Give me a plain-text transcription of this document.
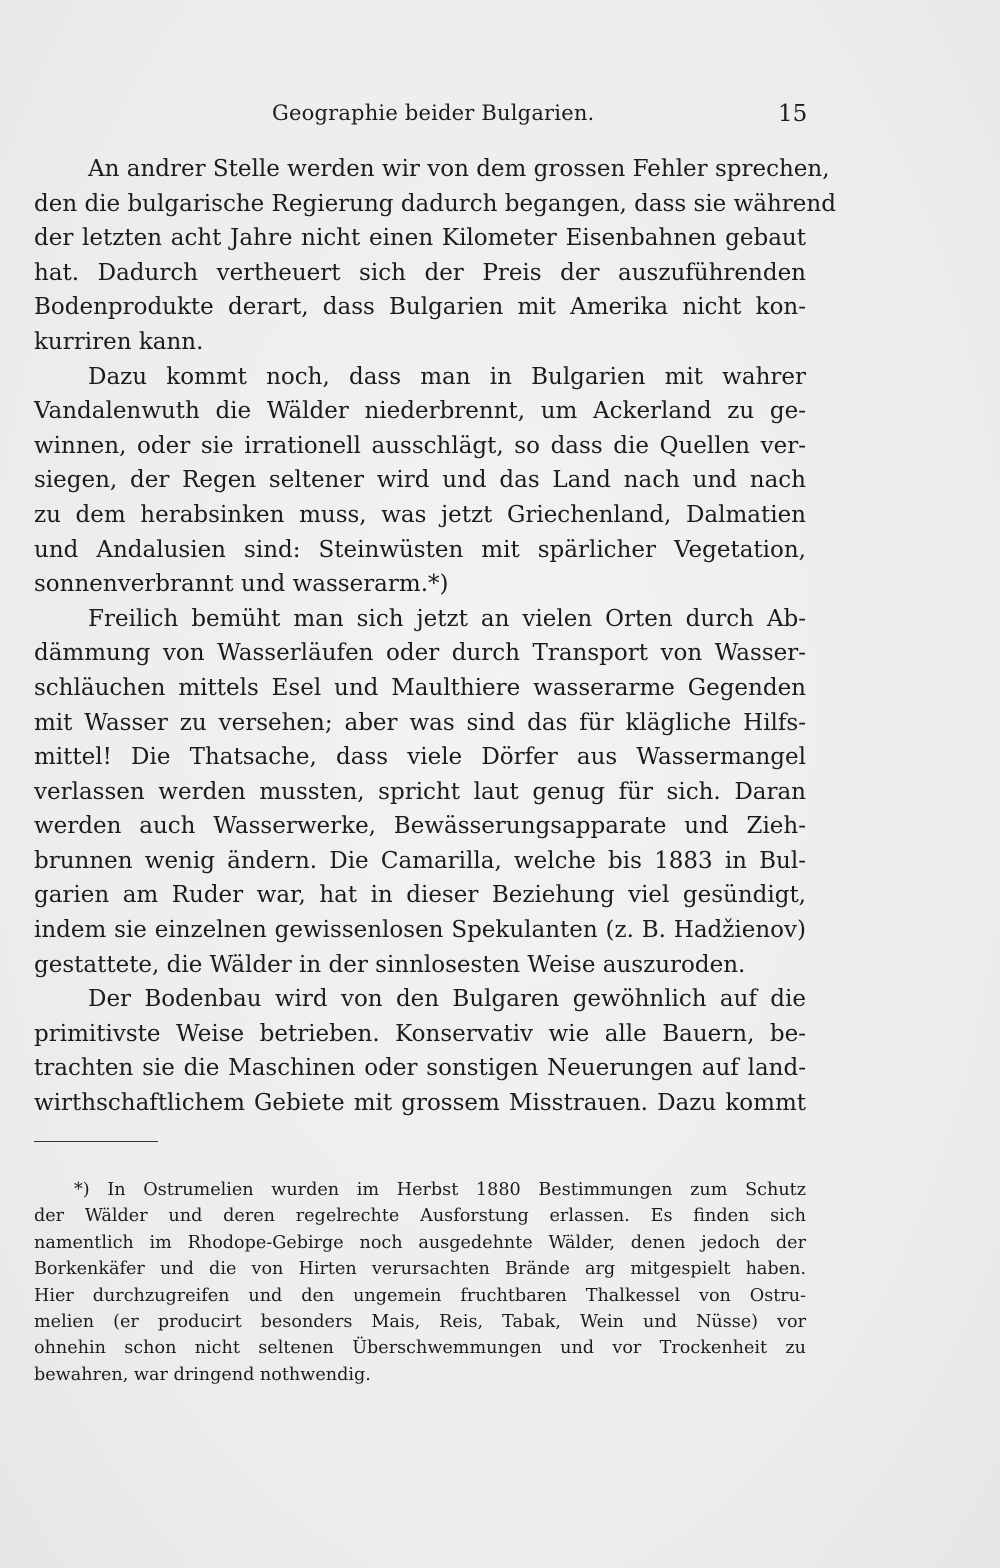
Geographie beider Bulgarien.	15
An andrer Stelle werden wir von dem grossen Fehler sprechen,
den die bulgarische Regierung dadurch begangen, dass sie während
der letzten acht Jahre nicht einen Kilometer Eisenbahnen gebaut
hat. Dadurch vertheuert sich der Preis der auszuführenden
Bodenprodukte derart, dass Bulgarien mit Amerika nicht kon-
kurriren kann.
Dazu kommt noch, dass man in Bulgarien mit wahrer
Vandalenwuth die Wälder niederbrennt, um Ackerland zu ge-
winnen, oder sie irrationell ausschlägt, so dass die Quellen ver-
siegen, der Regen seltener wird und das Land nach und nach
zu dem herabsinken muss, was jetzt Griechenland, Dalmatien
und Andalusien sind: Steinwüsten mit spärlicher Vegetation,
sonnenverbrannt und wasserarm.*)
Freilich bemüht man sich jetzt an vielen Orten durch Ab-
dämmung von Wasserläufen oder durch Transport von Wasser-
schläuchen mittels Esel und Maulthiere wasserarme Gegenden
mit Wasser zu versehen; aber was sind das für klägliche Hilfs-
mittel! Die Thatsache, dass viele Dörfer aus Wassermangel
verlassen werden mussten, spricht laut genug für sich. Daran
werden auch Wasserwerke, Bewässerungsapparate und Zieh-
brunnen wenig ändern. Die Camarilla, welche bis 1883 in Bul-
garien am Ruder war, hat in dieser Beziehung viel gesündigt,
indem sie einzelnen gewissenlosen Spekulanten (z. B. Hadžienov)
gestattete, die Wälder in der sinnlosesten Weise auszuroden.
Der Bodenbau wird von den Bulgaren gewöhnlich auf die
primitivste Weise betrieben. Konservativ wie alle Bauern, be-
trachten sie die Maschinen oder sonstigen Neuerungen auf land-
wirthschaftlichem Gebiete mit grossem Misstrauen. Dazu kommt
*) In Ostrumelien wurden im Herbst 1880 Bestimmungen zum Schutz
der Wälder und deren regelrechte Ausforstung erlassen. Es finden sich
namentlich im Rhodope-Gebirge noch ausgedehnte Wälder, denen jedoch der
Borkenkäfer und die von Hirten verursachten Brände arg mitgespielt haben.
Hier durchzugreifen und den ungemein fruchtbaren Thalkessel von Ostru-
melien (er producirt besonders Mais, Reis, Tabak, Wein und Nüsse) vor
ohnehin schon nicht seltenen Überschwemmungen und vor Trockenheit zu
bewahren, war dringend nothwendig.
